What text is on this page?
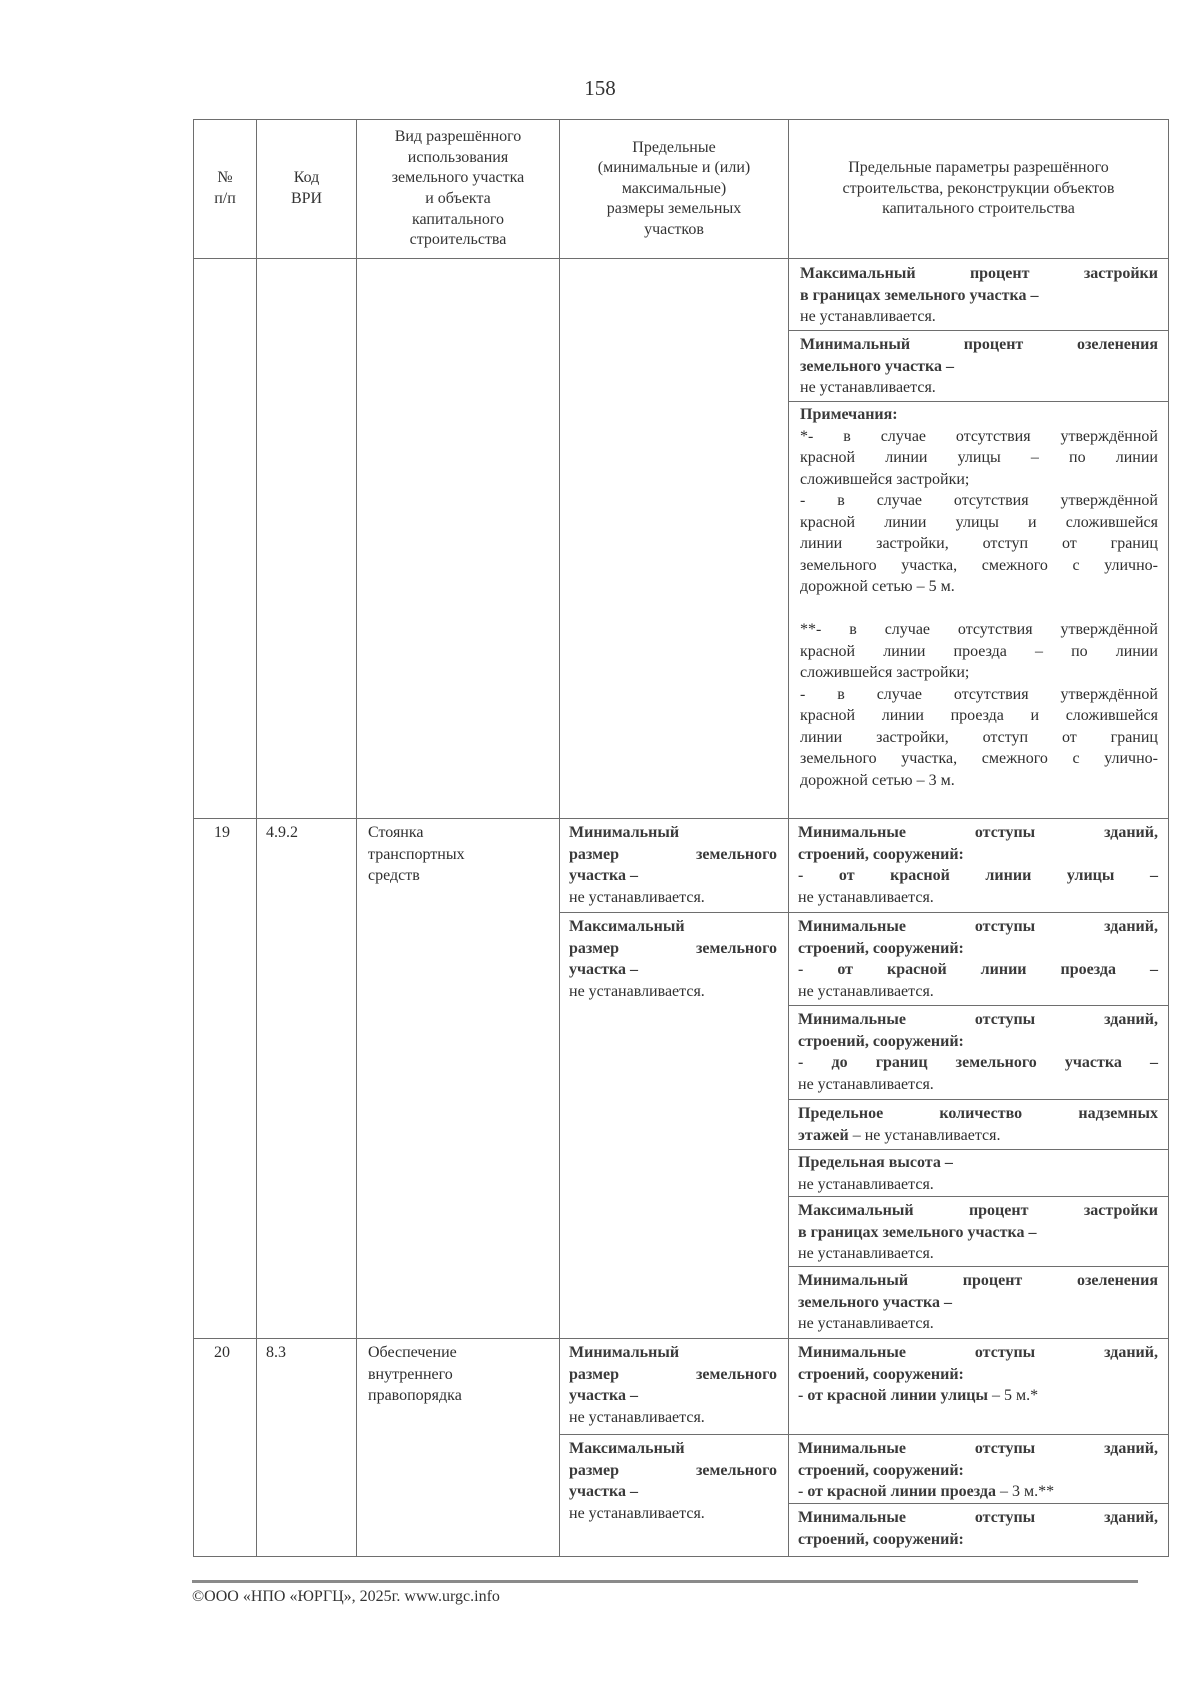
158
№
п/п
Код
ВРИ
Вид разрешённого
использования
земельного участка
и объекта
капитального
строительства
Предельные
(минимальные и (или)
максимальные)
размеры земельных
участков
Предельные параметры разрешённого
строительства, реконструкции объектов
капитального строительства
Максимальный процент застройки
в границах земельного участка –
не устанавливается.
Минимальный процент озеленения
земельного участка –
не устанавливается.
Примечания:
*- в случае отсутствия утверждённой
красной линии улицы – по линии
сложившейся застройки;
- в случае отсутствия утверждённой
красной линии улицы и сложившейся
линии застройки, отступ от границ
земельного участка, смежного с улично-
дорожной сетью – 5 м.

**- в случае отсутствия утверждённой
красной линии проезда – по линии
сложившейся застройки;
- в случае отсутствия утверждённой
красной линии проезда и сложившейся
линии застройки, отступ от границ
земельного участка, смежного с улично-
дорожной сетью – 3 м.
19 4.9.2	Стоянка
транспортных
средств
Минимальный
размер земельного
участка –
не устанавливается.
Максимальный
размер земельного
участка –
не устанавливается.
Минимальные отступы зданий,
строений, сооружений:
- от красной линии улицы –
не устанавливается.
Минимальные отступы зданий,
строений, сооружений:
- от красной линии проезда –
не устанавливается.
Минимальные отступы зданий,
строений, сооружений:
- до границ земельного участка –
не устанавливается.
Предельное количество надземных
этажей – не устанавливается.
Предельная высота –
не устанавливается.
Максимальный процент застройки
в границах земельного участка –
не устанавливается.
Минимальный процент озеленения
земельного участка –
не устанавливается.
20 8.3	Обеспечение
внутреннего
правопорядка
Минимальный
размер земельного
участка –
не устанавливается.
Максимальный
размер земельного
участка –
не устанавливается.
Минимальные отступы зданий,
строений, сооружений:
- от красной линии улицы – 5 м.*
Минимальные отступы зданий,
строений, сооружений:
- от красной линии проезда – 3 м.**
Минимальные отступы зданий,
строений, сооружений:
©ООО «НПО «ЮРГЦ», 2025г. www.urgc.info
